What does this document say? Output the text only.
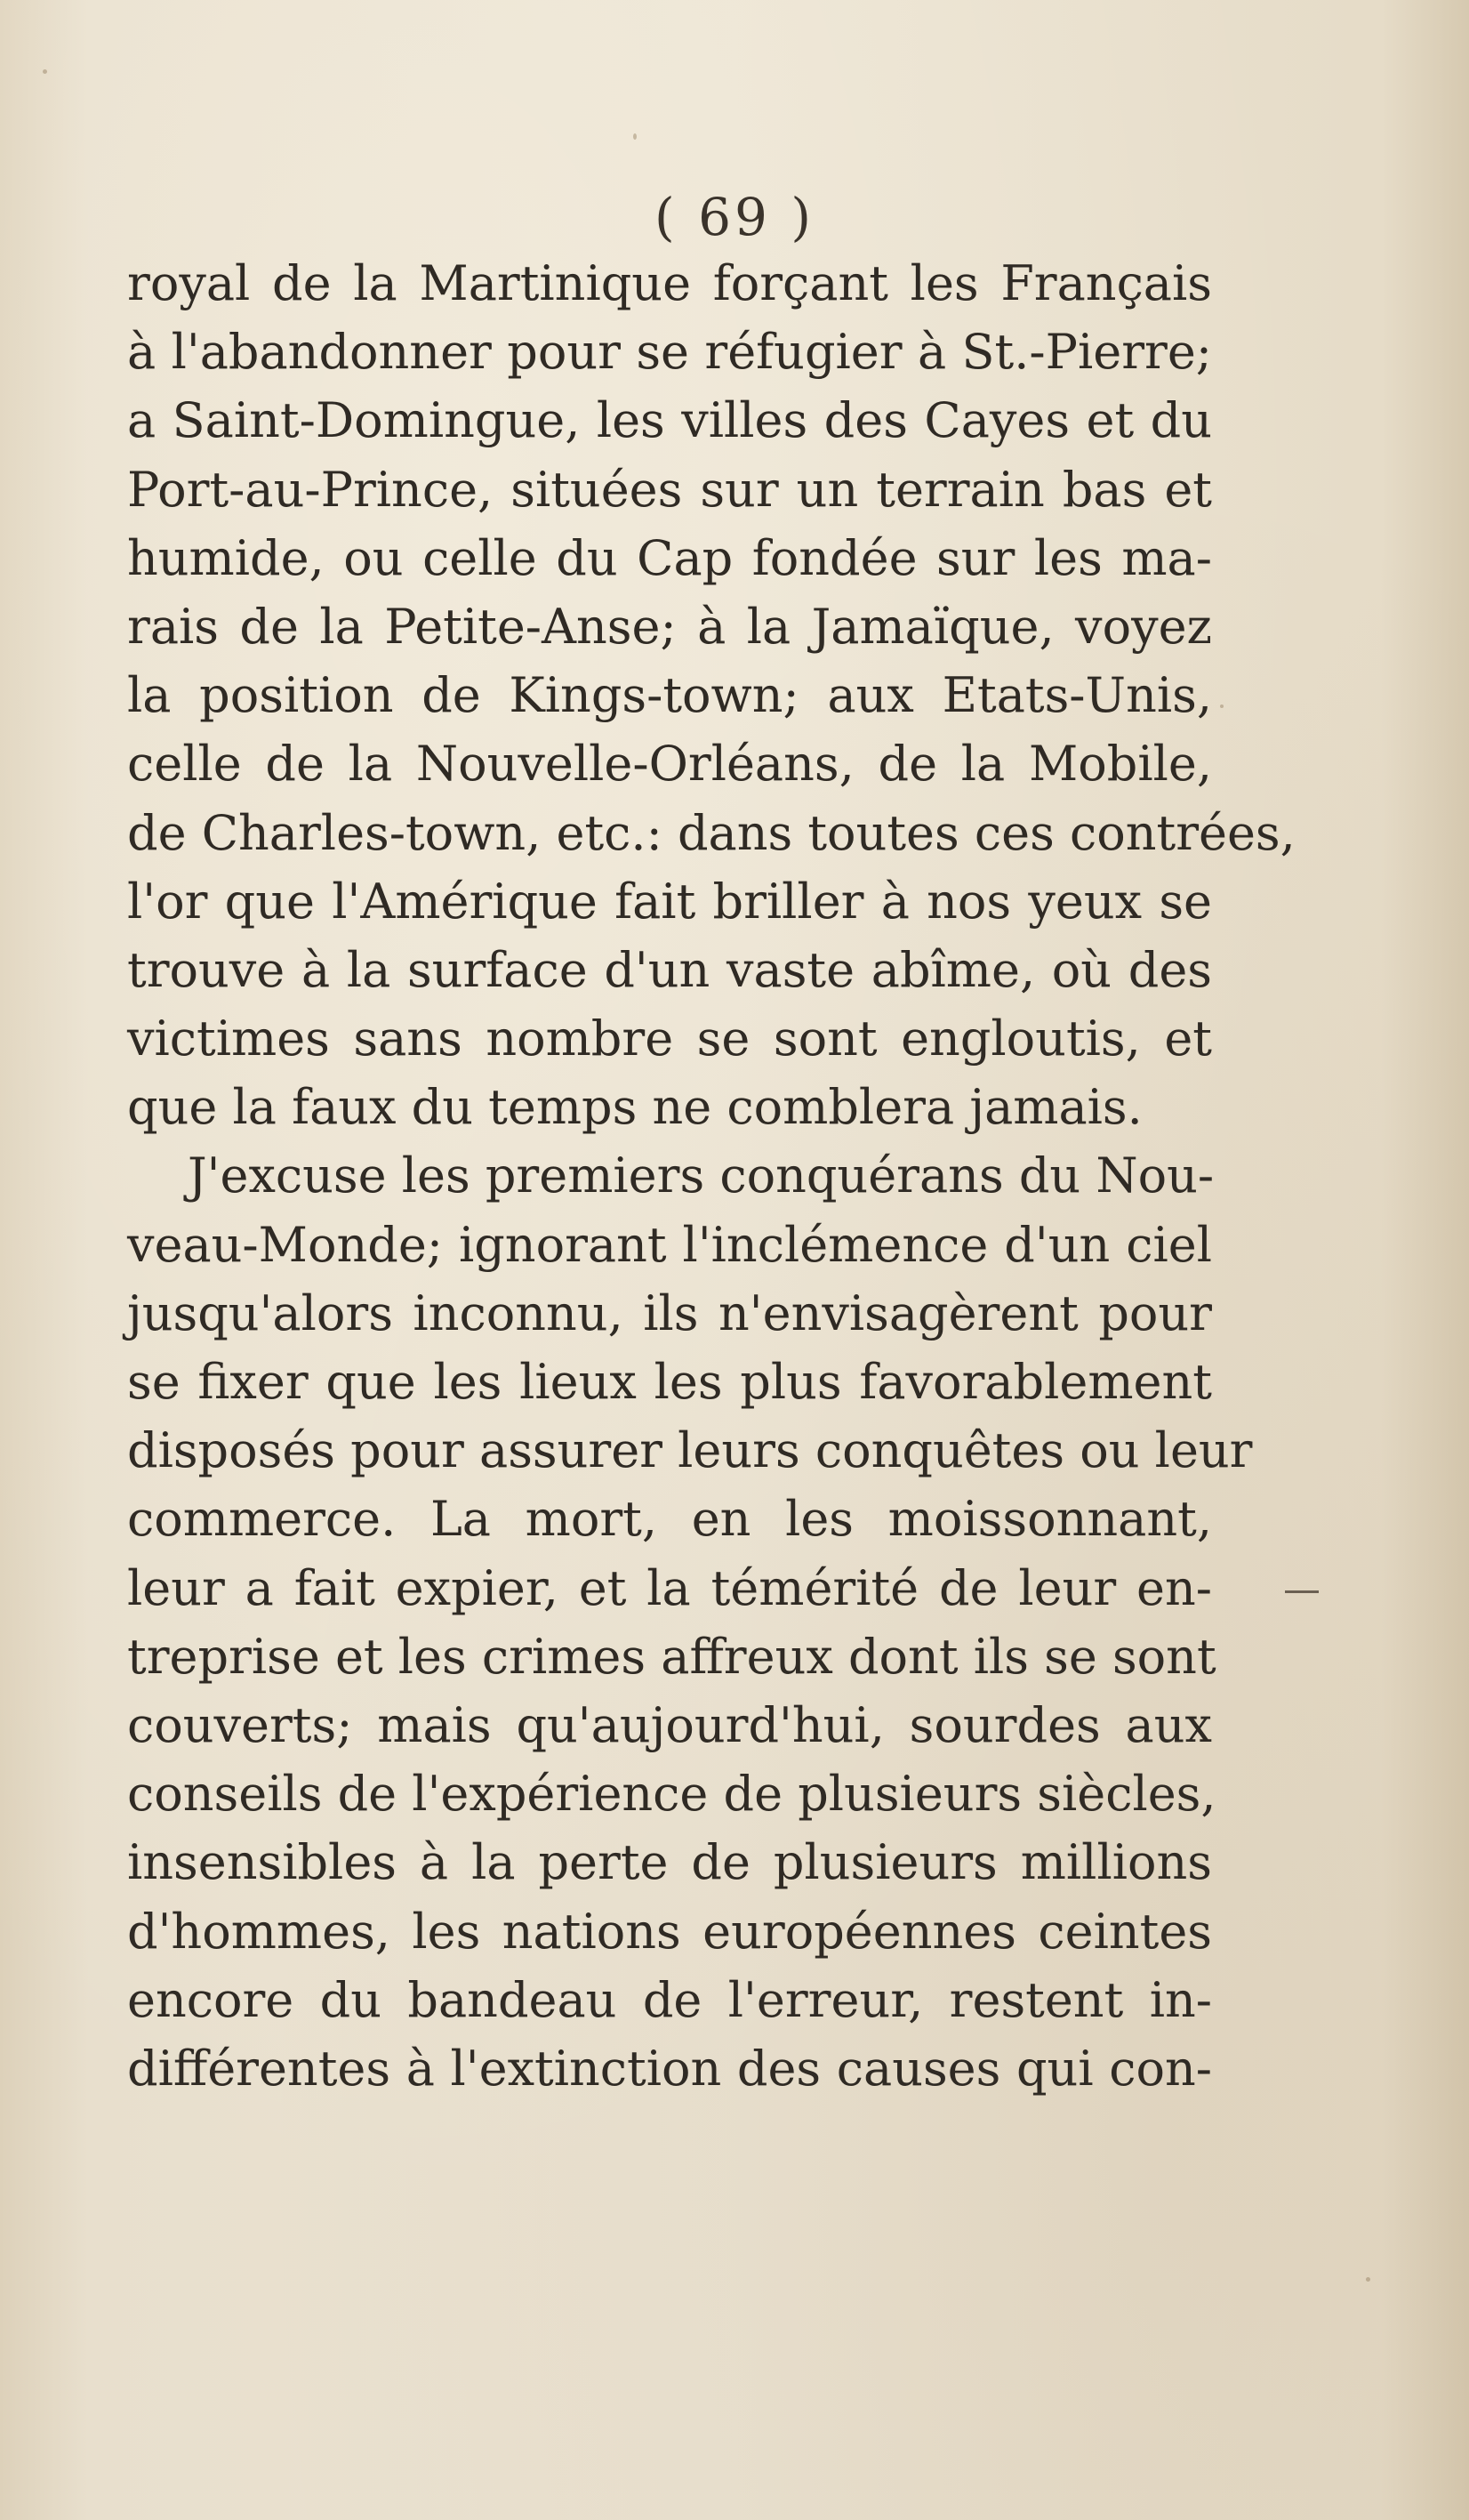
( 69 )
royal de la Martinique forçant les Français
à l'abandonner pour se réfugier à St.-Pierre;
a Saint-Domingue, les villes des Cayes et du
Port-au-Prince, situées sur un terrain bas et
humide, ou celle du Cap fondée sur les ma-
rais de la Petite-Anse; à la Jamaïque, voyez
la position de Kings-town; aux Etats-Unis,
celle de la Nouvelle-Orléans, de la Mobile,
de Charles-town, etc.: dans toutes ces contrées,
l'or que l'Amérique fait briller à nos yeux se
trouve à la surface d'un vaste abîme, où des
victimes sans nombre se sont engloutis, et
que la faux du temps ne comblera jamais.
J'excuse les premiers conquérans du Nou-
veau-Monde; ignorant l'inclémence d'un ciel
jusqu'alors inconnu, ils n'envisagèrent pour
se fixer que les lieux les plus favorablement
disposés pour assurer leurs conquêtes ou leur
commerce. La mort, en les moissonnant,
leur a fait expier, et la témérité de leur en-
treprise et les crimes affreux dont ils se sont
couverts; mais qu'aujourd'hui, sourdes aux
conseils de l'expérience de plusieurs siècles,
insensibles à la perte de plusieurs millions
d'hommes, les nations européennes ceintes
encore du bandeau de l'erreur, restent in-
différentes à l'extinction des causes qui con-
